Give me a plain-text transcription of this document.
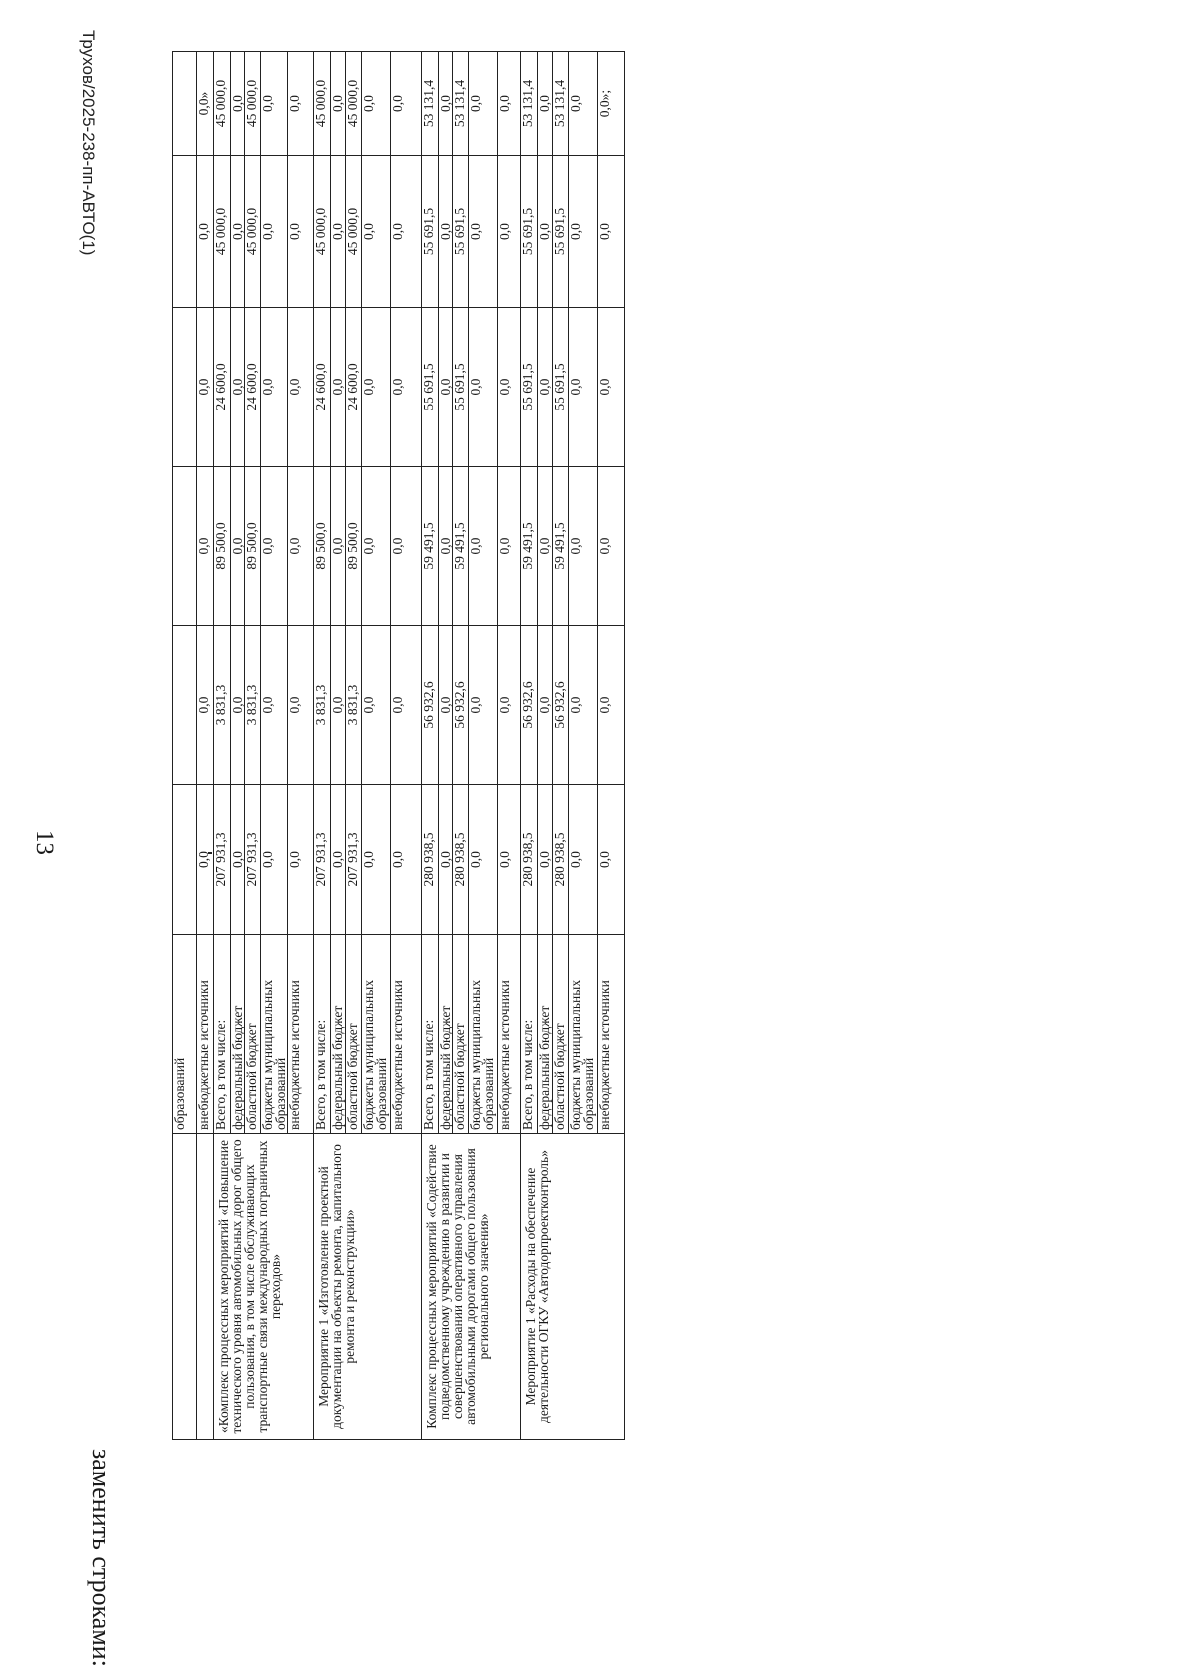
Трухов/2025-238-пп-АВТО(1)
13
заменить строками:
	образований						
	внебюджетные источники	0,0	0,0	0,0	0,0	0,0	0,0»
«Комплекс процессных мероприятий «Повышение технического уровня автомобильных дорог общего пользования, в том числе обслуживающих транспортные связи международных пограничных переходов»	Всего, в том числе:	207 931,3	3 831,3	89 500,0	24 600,0	45 000,0	45 000,0
	федеральный бюджет	0,0	0,0	0,0	0,0	0,0	0,0
	областной бюджет	207 931,3	3 831,3	89 500,0	24 600,0	45 000,0	45 000,0
	бюджеты муниципальных образований	0,0	0,0	0,0	0,0	0,0	0,0
	внебюджетные источники	0,0	0,0	0,0	0,0	0,0	0,0
Мероприятие 1 «Изготовление проектной документации на объекты ремонта, капитального ремонта и реконструкции»	Всего, в том числе:	207 931,3	3 831,3	89 500,0	24 600,0	45 000,0	45 000,0
	федеральный бюджет	0,0	0,0	0,0	0,0	0,0	0,0
	областной бюджет	207 931,3	3 831,3	89 500,0	24 600,0	45 000,0	45 000,0
	бюджеты муниципальных образований	0,0	0,0	0,0	0,0	0,0	0,0
	внебюджетные источники	0,0	0,0	0,0	0,0	0,0	0,0
Комплекс процессных мероприятий «Содействие подведомственному учреждению в развитии и совершенствовании оперативного управления автомобильными дорогами общего пользования регионального значения»	Всего, в том числе:	280 938,5	56 932,6	59 491,5	55 691,5	55 691,5	53 131,4
	федеральный бюджет	0,0	0,0	0,0	0,0	0,0	0,0
	областной бюджет	280 938,5	56 932,6	59 491,5	55 691,5	55 691,5	53 131,4
	бюджеты муниципальных образований	0,0	0,0	0,0	0,0	0,0	0,0
	внебюджетные источники	0,0	0,0	0,0	0,0	0,0	0,0
Мероприятие 1 «Расходы на обеспечение деятельности ОГКУ «Автодорпроектконтроль»	Всего, в том числе:	280 938,5	56 932,6	59 491,5	55 691,5	55 691,5	53 131,4
	федеральный бюджет	0,0	0,0	0,0	0,0	0,0	0,0
	областной бюджет	280 938,5	56 932,6	59 491,5	55 691,5	55 691,5	53 131,4
	бюджеты муниципальных образований	0,0	0,0	0,0	0,0	0,0	0,0
	внебюджетные источники	0,0	0,0	0,0	0,0	0,0	0,0»;
